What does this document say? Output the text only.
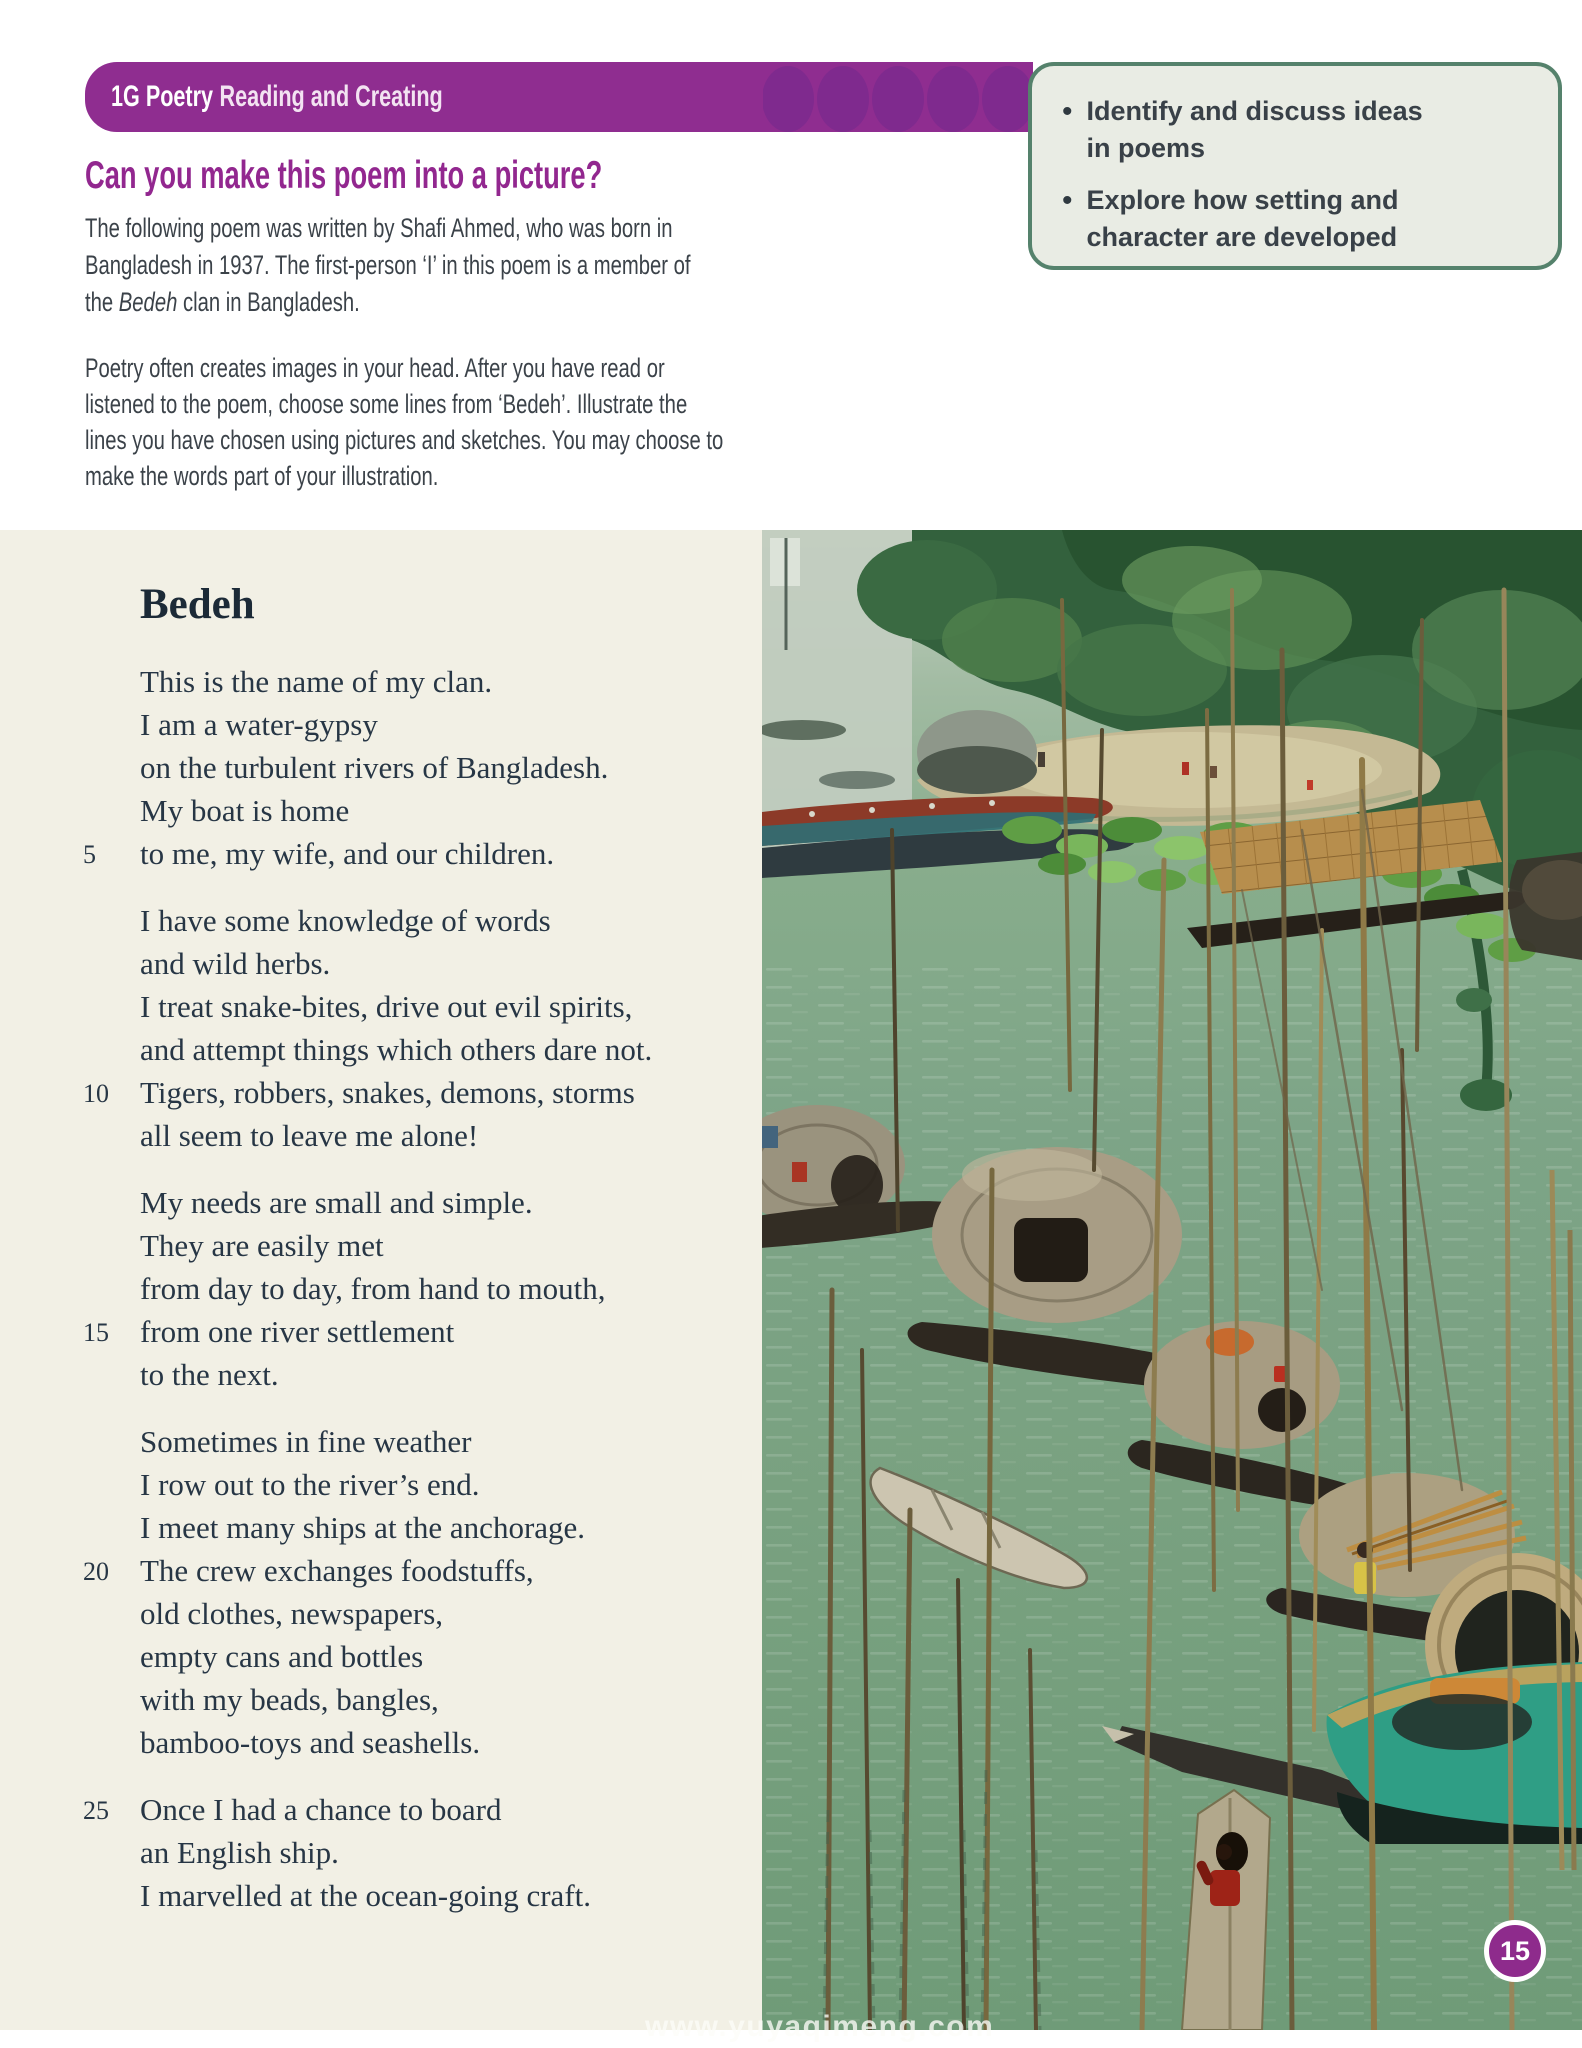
1G Poetry Reading and Creating	• Identify and discuss ideas
in poems
• Explore how setting and
character are developed
Can you make this poem into a picture?
The following poem was written by Shafi Ahmed, who was born in
Bangladesh in 1937. The first-person ‘I’ in this poem is a member of
the Bedeh clan in Bangladesh.
Poetry often creates images in your head. After you have read or
listened to the poem, choose some lines from ‘Bedeh’. Illustrate the
lines you have chosen using pictures and sketches. You may choose to
make the words part of your illustration.
Bedeh
This is the name of my clan.
I am a water-gypsy
on the turbulent rivers of Bangladesh.
My boat is home
5	to me, my wife, and our children.
I have some knowledge of words
and wild herbs.
I treat snake-bites, drive out evil spirits,
and attempt things which others dare not.
10	Tigers, robbers, snakes, demons, storms
all seem to leave me alone!
My needs are small and simple.
They are easily met
from day to day, from hand to mouth,
15	from one river settlement
to the next.
Sometimes in fine weather
I row out to the river’s end.
I meet many ships at the anchorage.
20	The crew exchanges foodstuffs,
old clothes, newspapers,
empty cans and bottles
with my beads, bangles,
bamboo-toys and seashells.
25	Once I had a chance to board
an English ship.
I marvelled at the ocean-going craft.
15
www.yuyaqimeng.com
